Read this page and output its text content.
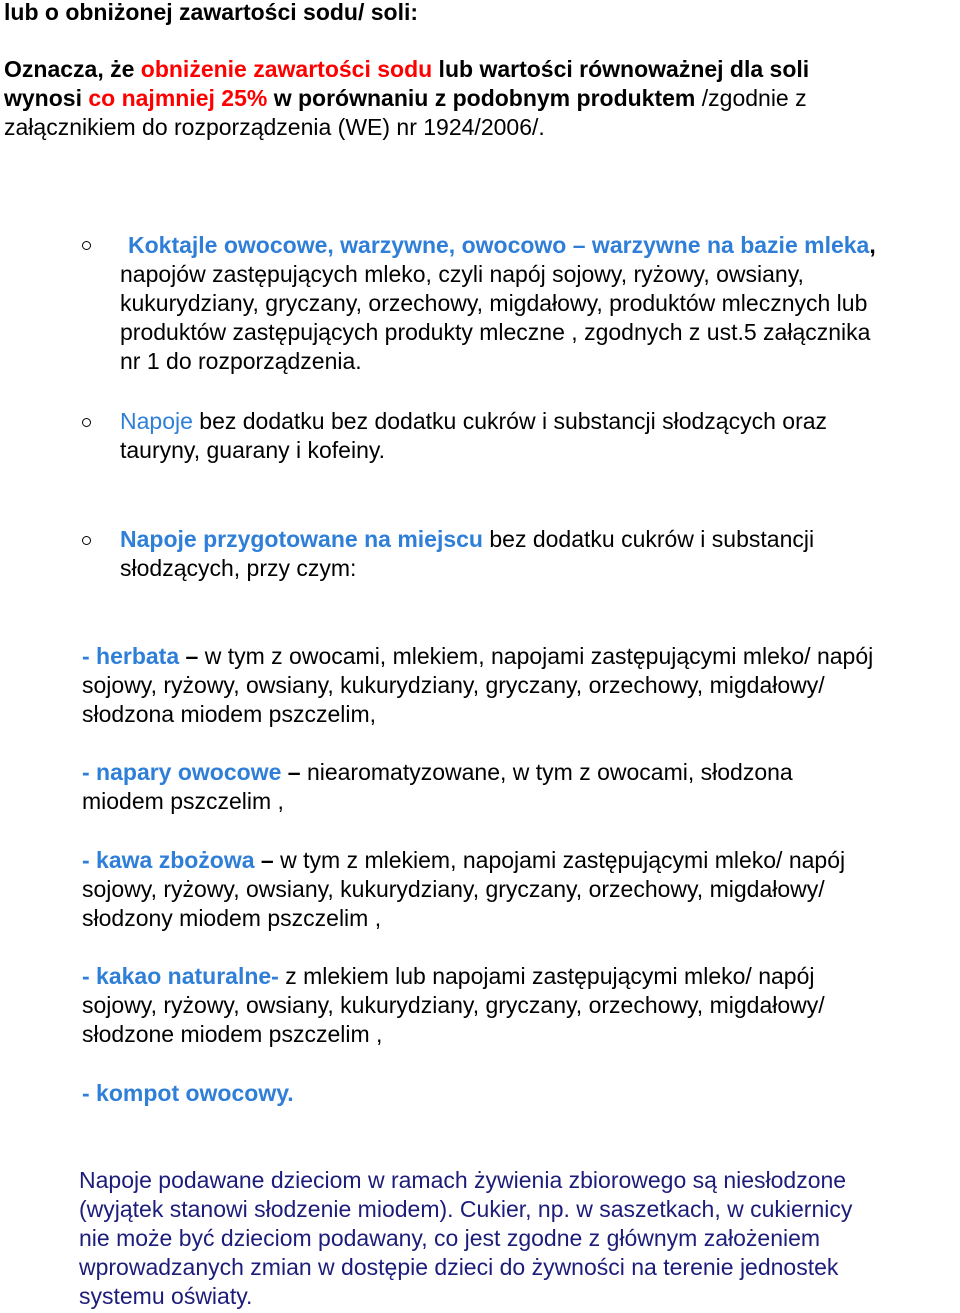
lub o obniżonej zawartości sodu/ soli:
Oznacza, że obniżenie zawartości sodu lub wartości równoważnej dla soli
wynosi co najmniej 25% w porównaniu z podobnym produktem /zgodnie z
załącznikiem do rozporządzenia (WE) nr 1924/2006/.
Koktajle owocowe, warzywne, owocowo – warzywne na bazie mleka,
napojów zastępujących mleko, czyli napój sojowy, ryżowy, owsiany,
kukurydziany, gryczany, orzechowy, migdałowy, produktów mlecznych lub
produktów zastępujących produkty mleczne , zgodnych z ust.5 załącznika
nr 1 do rozporządzenia.
Napoje bez dodatku bez dodatku cukrów i substancji słodzących oraz
tauryny, guarany i kofeiny.
Napoje przygotowane na miejscu bez dodatku cukrów i substancji
słodzących, przy czym:
- herbata – w tym z owocami, mlekiem, napojami zastępującymi mleko/ napój
sojowy, ryżowy, owsiany, kukurydziany, gryczany, orzechowy, migdałowy/
słodzona miodem pszczelim,
- napary owocowe – niearomatyzowane, w tym z owocami, słodzona
miodem pszczelim ,
- kawa zbożowa – w tym z mlekiem, napojami zastępującymi mleko/ napój
sojowy, ryżowy, owsiany, kukurydziany, gryczany, orzechowy, migdałowy/
słodzony miodem pszczelim ,
- kakao naturalne- z mlekiem lub napojami zastępującymi mleko/ napój
sojowy, ryżowy, owsiany, kukurydziany, gryczany, orzechowy, migdałowy/
słodzone miodem pszczelim ,
- kompot owocowy.
Napoje podawane dzieciom w ramach żywienia zbiorowego są niesłodzone
(wyjątek stanowi słodzenie miodem). Cukier, np. w saszetkach, w cukiernicy
nie może być dzieciom podawany, co jest zgodne z głównym założeniem
wprowadzanych zmian w dostępie dzieci do żywności na terenie jednostek
systemu oświaty.
